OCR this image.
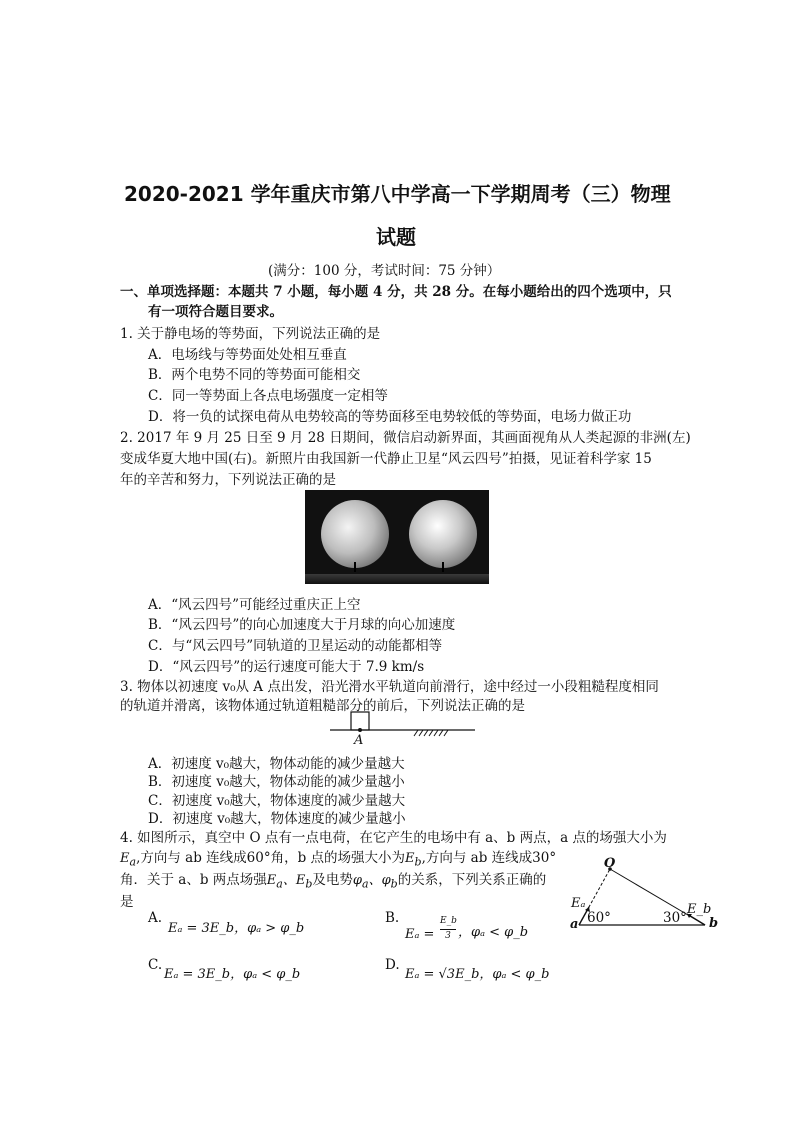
2020-2021 学年重庆市第八中学高一下学期周考（三）物理
试题
(满分：100 分，考试时间：75 分钟）
一、单项选择题：本题共 7 小题，每小题 4 分，共 28 分。在每小题给出的四个选项中，只
有一项符合题目要求。
1. 关于静电场的等势面，下列说法正确的是
A．电场线与等势面处处相互垂直
B．两个电势不同的等势面可能相交
C．同一等势面上各点电场强度一定相等
D．将一负的试探电荷从电势较高的等势面移至电势较低的等势面，电场力做正功
2. 2017 年 9 月 25 日至 9 月 28 日期间，微信启动新界面，其画面视角从人类起源的非洲(左)
变成华夏大地中国(右)。新照片由我国新一代静止卫星“风云四号”拍摄，见证着科学家 15
年的辛苦和努力，下列说法正确的是
A．“风云四号”可能经过重庆正上空
B．“风云四号”的向心加速度大于月球的向心加速度
C．与“风云四号”同轨道的卫星运动的动能都相等
D．“风云四号”的运行速度可能大于 7.9 km/s
3. 物体以初速度 v₀从 A 点出发，沿光滑水平轨道向前滑行，途中经过一小段粗糙程度相同
的轨道并滑离，该物体通过轨道粗糙部分的前后，下列说法正确的是
A
A．初速度 v₀越大，物体动能的减少量越大
B．初速度 v₀越大，物体动能的减少量越小
C．初速度 v₀越大，物体速度的减少量越大
D．初速度 v₀越大，物体速度的减少量越小
4. 如图所示，真空中 O 点有一点电荷，在它产生的电场中有 a、b 两点，a 点的场强大小为
$E_a$,方向与 ab 连线成60°角，b 点的场强大小为$E_b$,方向与 ab 连线成30°
角．关于 a、b 两点场强$E_a$、$E_b$及电势$\varphi_a$、$\varphi_b$的关系，下列关系正确的
是
A.
Eₐ = 3E_b，φₐ > φ_b
B.
Eₐ =
E_b
3 ，φₐ < φ_b
C.
Eₐ = 3E_b，φₐ < φ_b
D.
Eₐ = √3E_b，φₐ < φ_b
O
a	b
Eₐ	E_b
60°	30°
